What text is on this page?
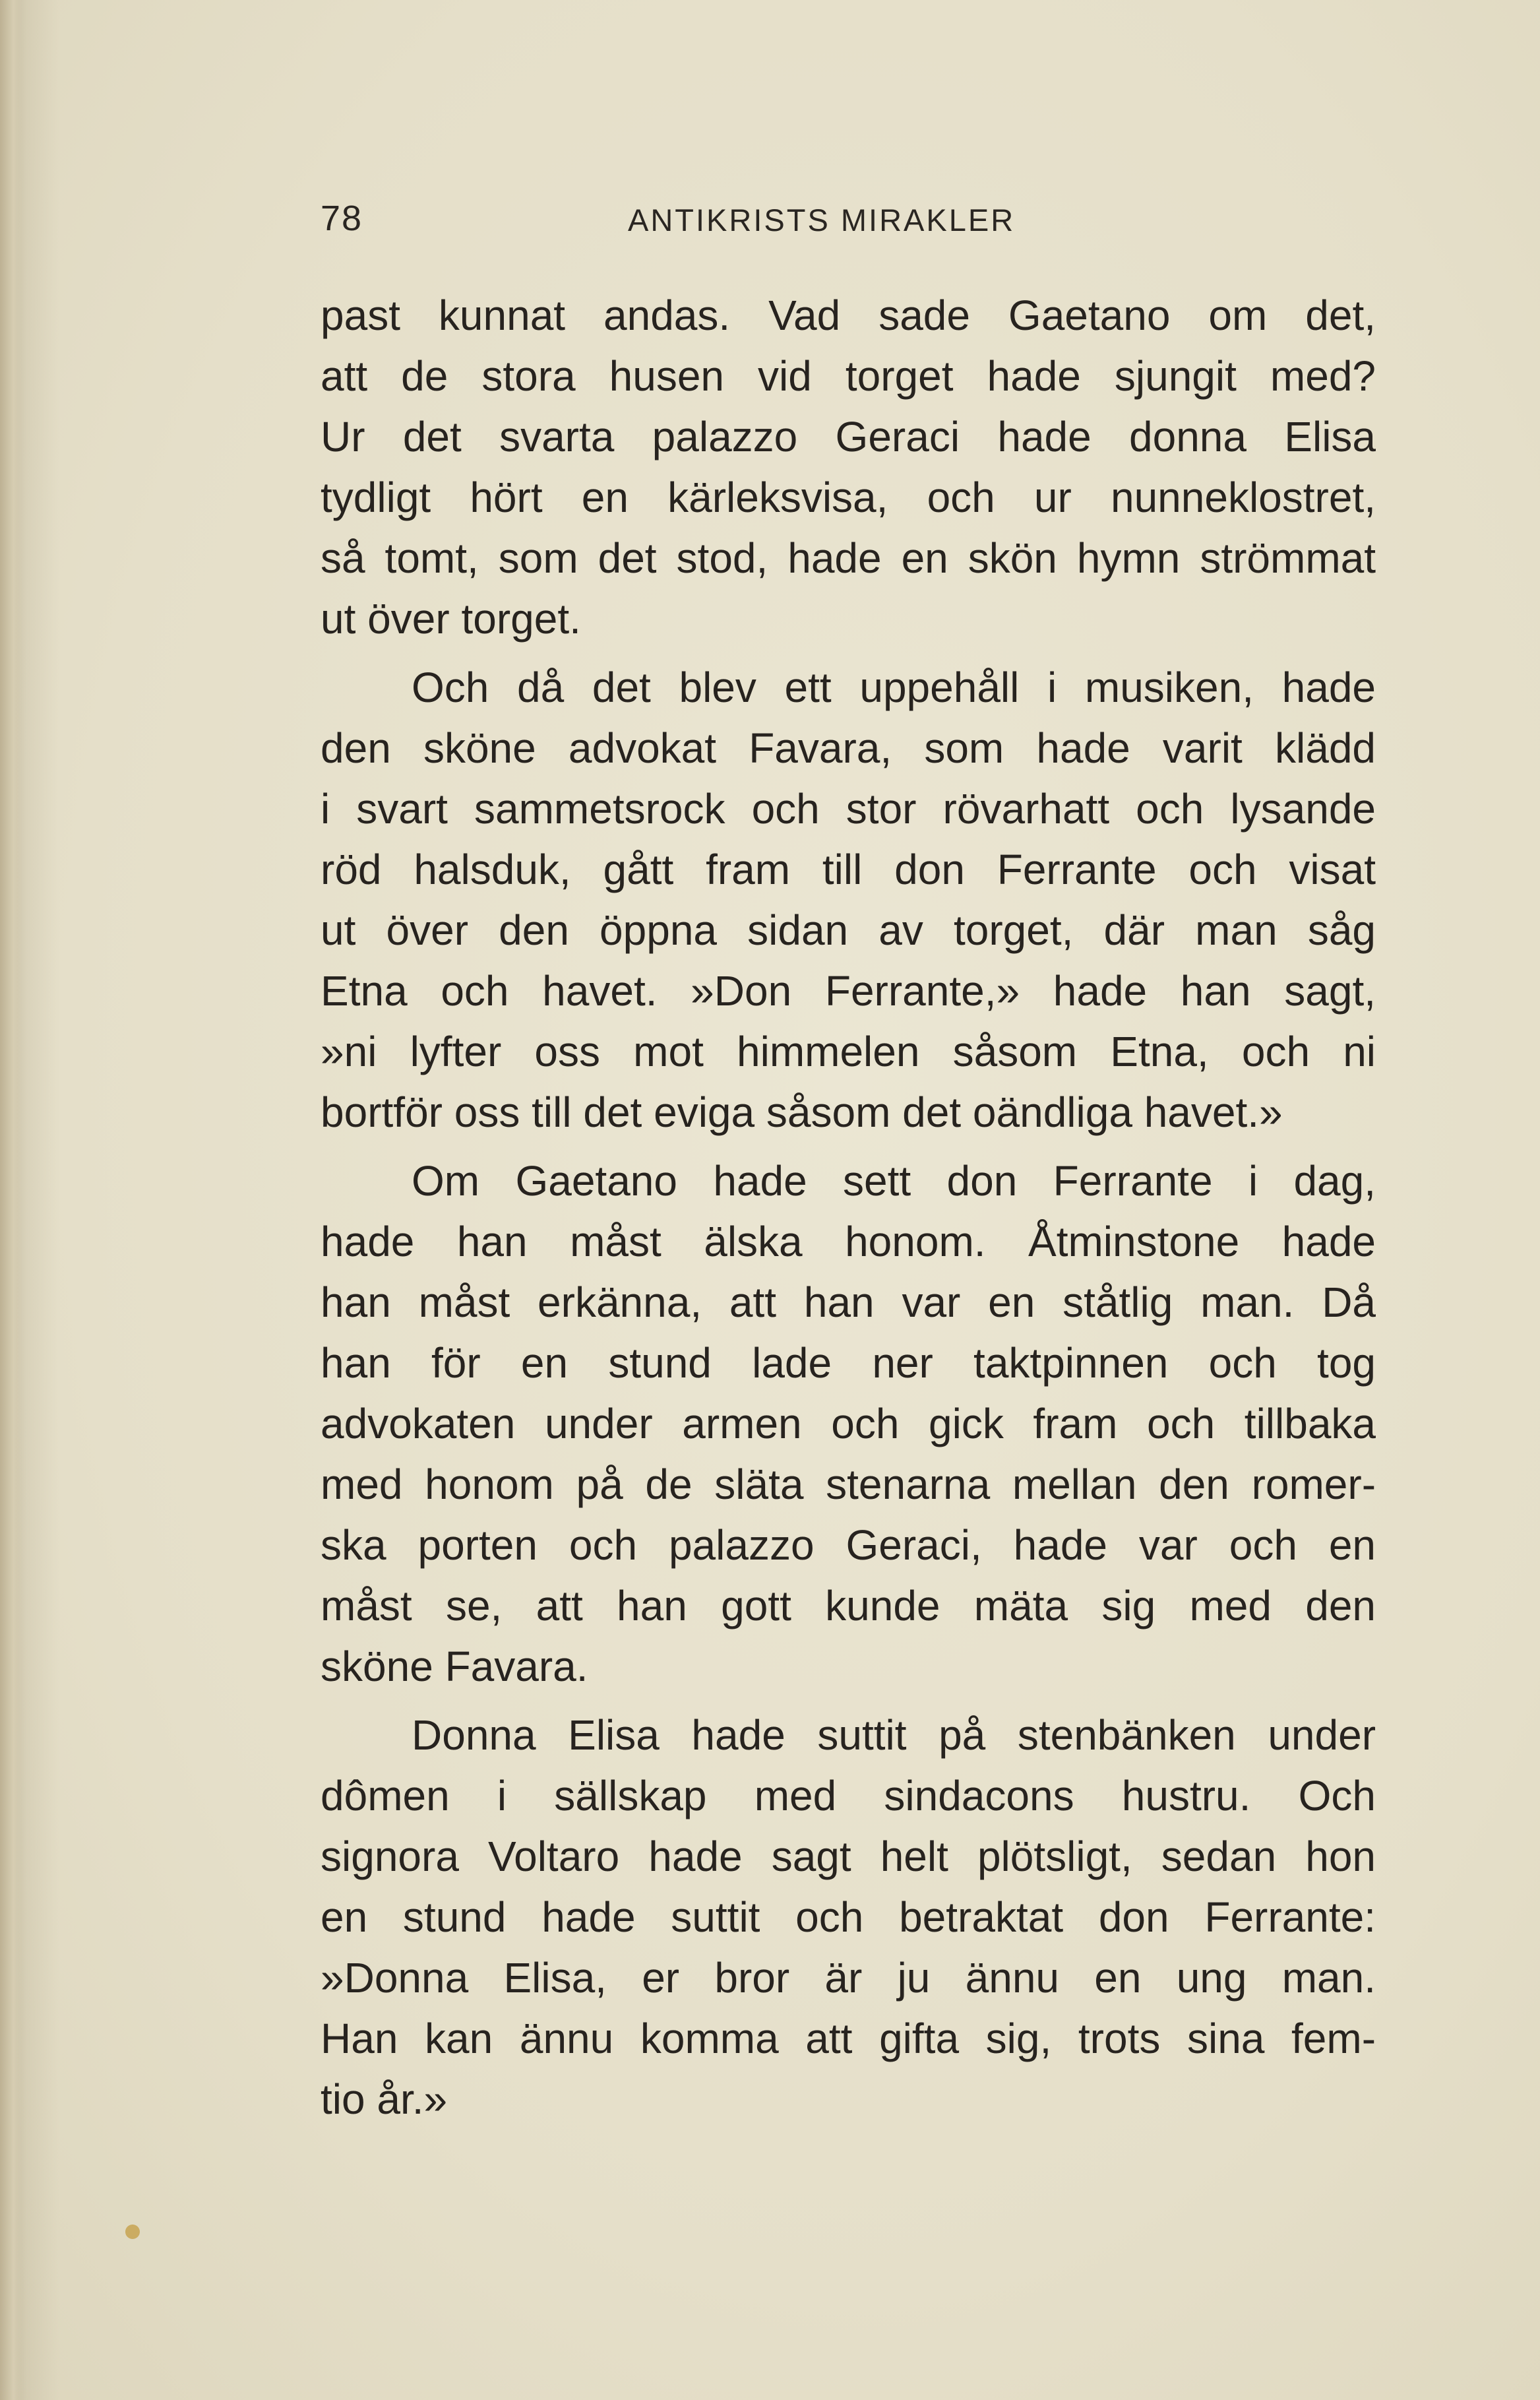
78	ANTIKRISTS MIRAKLER
past kunnat andas. Vad sade Gaetano om det,
att de stora husen vid torget hade sjungit med?
Ur det svarta palazzo Geraci hade donna Elisa
tydligt hört en kärleksvisa, och ur nunneklostret,
så tomt, som det stod, hade en skön hymn strömmat
ut över torget.
Och då det blev ett uppehåll i musiken, hade
den sköne advokat Favara, som hade varit klädd
i svart sammetsrock och stor rövarhatt och lysande
röd halsduk, gått fram till don Ferrante och visat
ut över den öppna sidan av torget, där man såg
Etna och havet. »Don Ferrante,» hade han sagt,
»ni lyfter oss mot himmelen såsom Etna, och ni
bortför oss till det eviga såsom det oändliga havet.»
Om Gaetano hade sett don Ferrante i dag,
hade han måst älska honom. Åtminstone hade
han måst erkänna, att han var en ståtlig man. Då
han för en stund lade ner taktpinnen och tog
advokaten under armen och gick fram och tillbaka
med honom på de släta stenarna mellan den romer-
ska porten och palazzo Geraci, hade var och en
måst se, att han gott kunde mäta sig med den
sköne Favara.
Donna Elisa hade suttit på stenbänken under
dômen i sällskap med sindacons hustru. Och
signora Voltaro hade sagt helt plötsligt, sedan hon
en stund hade suttit och betraktat don Ferrante:
»Donna Elisa, er bror är ju ännu en ung man.
Han kan ännu komma att gifta sig, trots sina fem-
tio år.»
